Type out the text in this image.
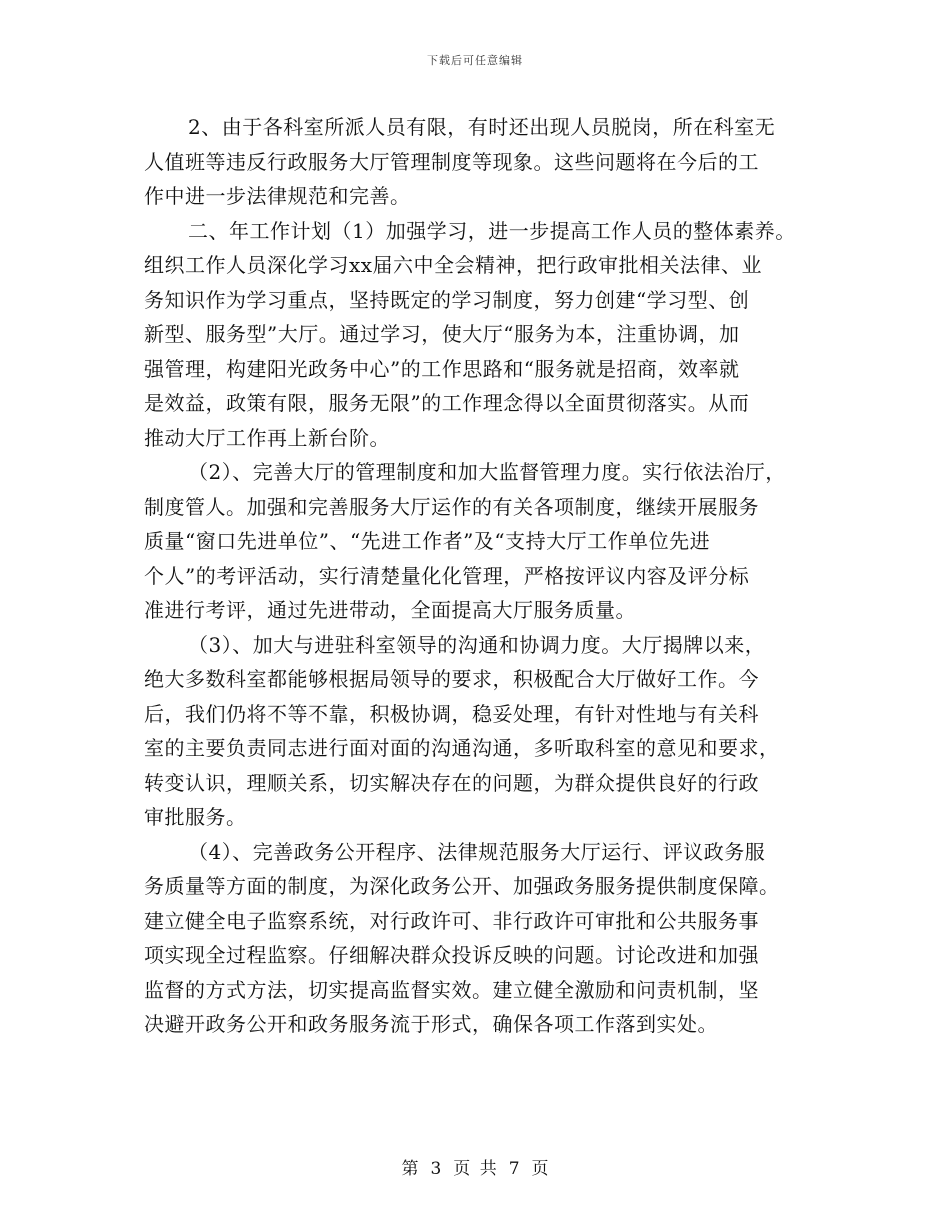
下载后可任意编辑
2、由于各科室所派人员有限，有时还出现人员脱岗，所在科室无
人值班等违反行政服务大厅管理制度等现象。这些问题将在今后的工
作中进一步法律规范和完善。
二、年工作计划（1）加强学习，进一步提高工作人员的整体素养。
组织工作人员深化学习xx届六中全会精神，把行政审批相关法律、业
务知识作为学习重点，坚持既定的学习制度，努力创建“学习型、创
新型、服务型”大厅。通过学习，使大厅“服务为本，注重协调，加
强管理，构建阳光政务中心”的工作思路和“服务就是招商，效率就
是效益，政策有限，服务无限”的工作理念得以全面贯彻落实。从而
推动大厅工作再上新台阶。
（2）、完善大厅的管理制度和加大监督管理力度。实行依法治厅，
制度管人。加强和完善服务大厅运作的有关各项制度，继续开展服务
质量“窗口先进单位”、“先进工作者”及“支持大厅工作单位先进
个人”的考评活动，实行清楚量化化管理，严格按评议内容及评分标
准进行考评，通过先进带动，全面提高大厅服务质量。
（3）、加大与进驻科室领导的沟通和协调力度。大厅揭牌以来，
绝大多数科室都能够根据局领导的要求，积极配合大厅做好工作。今
后，我们仍将不等不靠，积极协调，稳妥处理，有针对性地与有关科
室的主要负责同志进行面对面的沟通沟通，多听取科室的意见和要求，
转变认识，理顺关系，切实解决存在的问题，为群众提供良好的行政
审批服务。
（4）、完善政务公开程序、法律规范服务大厅运行、评议政务服
务质量等方面的制度，为深化政务公开、加强政务服务提供制度保障。
建立健全电子监察系统，对行政许可、非行政许可审批和公共服务事
项实现全过程监察。仔细解决群众投诉反映的问题。讨论改进和加强
监督的方式方法，切实提高监督实效。建立健全激励和问责机制，坚
决避开政务公开和政务服务流于形式，确保各项工作落到实处。
第 3 页 共 7 页
